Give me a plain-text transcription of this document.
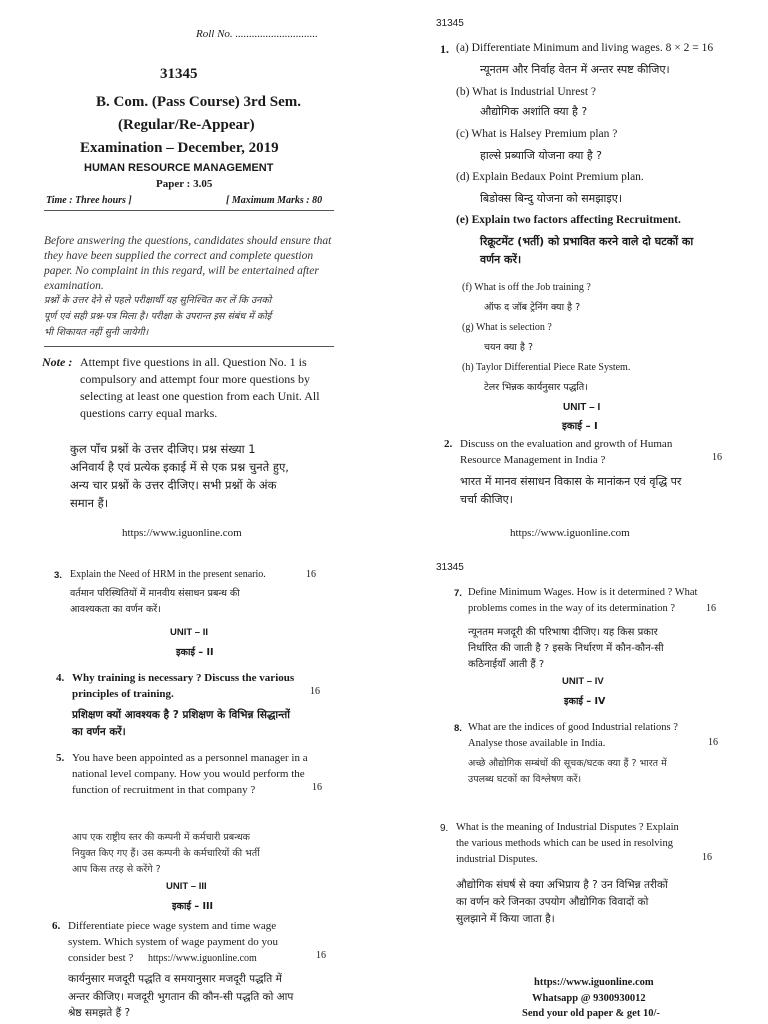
Roll No. ..............................
31345
B. Com. (Pass Course) 3rd Sem.
(Regular/Re-Appear)
Examination – December, 2019
HUMAN RESOURCE MANAGEMENT
Paper : 3.05
Time : Three hours ]	[ Maximum Marks : 80
Before answering the questions, candidates should ensure that
they have been supplied the correct and complete question
paper. No complaint in this regard, will be entertained after
examination.
प्रश्नों के उत्तर देने से पहले परीक्षार्थी यह सुनिश्चित कर लें कि उनको
पूर्ण एवं सही प्रश्न-पत्र मिला है। परीक्षा के उपरान्त इस संबंध में कोई
भी शिकायत नहीं सुनी जायेगी।
Note : Attempt five questions in all. Question No. 1 is
compulsory and attempt four more questions by
selecting at least one question from each Unit. All
questions carry equal marks.
कुल पाँच प्रश्नों के उत्तर दीजिए। प्रश्न संख्या 1
अनिवार्य है एवं प्रत्येक इकाई में से एक प्रश्न चुनते हुए,
अन्य चार प्रश्नों के उत्तर दीजिए। सभी प्रश्नों के अंक
समान हैं।
https://www.iguonline.com
31345
1. (a) Differentiate Minimum and living wages. 8 × 2 = 16
न्यूनतम और निर्वाह वेतन में अन्तर स्पष्ट कीजिए।
(b) What is Industrial Unrest ?
औद्योगिक अशांति क्या है ?
(c) What is Halsey Premium plan ?
हाल्से प्रब्याजि योजना क्या है ?
(d) Explain Bedaux Point Premium plan.
बिडोक्स बिन्दु योजना को समझाइए।
(e) Explain two factors affecting Recruitment.
रिक्रूटमेंट (भर्ती) को प्रभावित करने वाले दो घटकों का
वर्णन करें।
(f) What is off the Job training ?
ऑफ द जॉब ट्रेनिंग क्या है ?
(g) What is selection ?
चयन क्या है ?
(h) Taylor Differential Piece Rate System.
टेलर भिन्नक कार्यनुसार पद्धति।
UNIT – I
इकाई – I
2. Discuss on the evaluation and growth of Human
Resource Management in India ?	16
भारत में मानव संसाधन विकास के मानांकन एवं वृद्धि पर
चर्चा कीजिए।
https://www.iguonline.com
3. Explain the Need of HRM in the present senario.	16
वर्तमान परिस्थितियों में मानवीय संसाधन प्रबन्ध की
आवश्यकता का वर्णन करें।
UNIT – II
इकाई – II
4. Why training is necessary ? Discuss the various
principles of training.	16
प्रशिक्षण क्यों आवश्यक है ? प्रशिक्षण के विभिन्न सिद्धान्तों
का वर्णन करें।
5. You have been appointed as a personnel manager in a
national level company. How you would perform the
function of recruitment in that company ?	16
आप एक राष्ट्रीय स्तर की कम्पनी में कर्मचारी प्रबन्धक
नियुक्त किए गए हैं। उस कम्पनी के कर्मचारियों की भर्ती
आप किस तरह से करेंगे ?
UNIT – III
इकाई – III
6. Differentiate piece wage system and time wage
system. Which system of wage payment do you
consider best ? https://www.iguonline.com	16
कार्यनुसार मजदूरी पद्धति व समयानुसार मजदूरी पद्धति में
अन्तर कीजिए। मजदूरी भुगतान की कौन-सी पद्धति को आप
श्रेष्ठ समझते हैं ?
31345
7. Define Minimum Wages. How is it determined ? What
problems comes in the way of its determination ?	16
न्यूनतम मजदूरी की परिभाषा दीजिए। यह किस प्रकार
निर्धारित की जाती है ? इसके निर्धारण में कौन-कौन-सी
कठिनाईयाँ आती हैं ?
UNIT – IV
इकाई – IV
8. What are the indices of good Industrial relations ?
Analyse those available in India.	16
अच्छे औद्योगिक सम्बंधों की सूचक/घटक क्या हैं ? भारत में
उपलब्ध घटकों का विश्लेषण करें।
9. What is the meaning of Industrial Disputes ? Explain
the various methods which can be used in resolving
industrial Disputes.	16
औद्योगिक संघर्ष से क्या अभिप्राय है ? उन विभिन्न तरीकों
का वर्णन करे जिनका उपयोग औद्योगिक विवादों को
सुलझाने में किया जाता है।
https://www.iguonline.com
Whatsapp @ 9300930012
Send your old paper & get 10/-
